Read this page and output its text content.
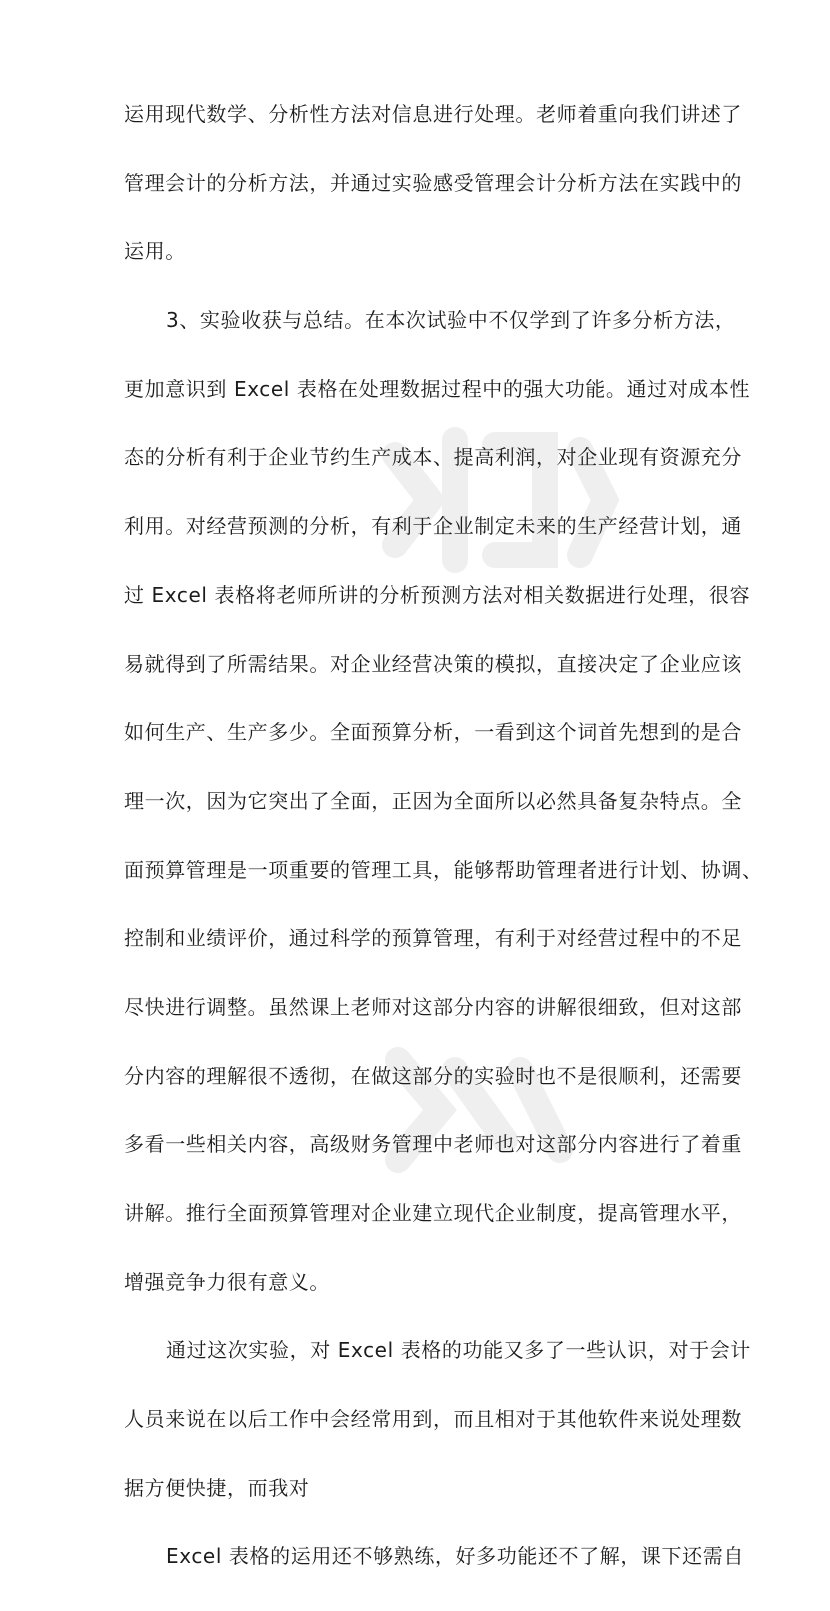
运用现代数学、分析性方法对信息进行处理。老师着重向我们讲述了
管理会计的分析方法，并通过实验感受管理会计分析方法在实践中的
运用。
3、实验收获与总结。在本次试验中不仅学到了许多分析方法，
更加意识到 Excel 表格在处理数据过程中的强大功能。通过对成本性
态的分析有利于企业节约生产成本、提高利润，对企业现有资源充分
利用。对经营预测的分析，有利于企业制定未来的生产经营计划，通
过 Excel 表格将老师所讲的分析预测方法对相关数据进行处理，很容
易就得到了所需结果。对企业经营决策的模拟，直接决定了企业应该
如何生产、生产多少。全面预算分析，一看到这个词首先想到的是合
理一次，因为它突出了全面，正因为全面所以必然具备复杂特点。全
面预算管理是一项重要的管理工具，能够帮助管理者进行计划、协调、
控制和业绩评价，通过科学的预算管理，有利于对经营过程中的不足
尽快进行调整。虽然课上老师对这部分内容的讲解很细致，但对这部
分内容的理解很不透彻，在做这部分的实验时也不是很顺利，还需要
多看一些相关内容，高级财务管理中老师也对这部分内容进行了着重
讲解。推行全面预算管理对企业建立现代企业制度，提高管理水平，
增强竞争力很有意义。
通过这次实验，对 Excel 表格的功能又多了一些认识，对于会计
人员来说在以后工作中会经常用到，而且相对于其他软件来说处理数
据方便快捷，而我对
Excel 表格的运用还不够熟练，好多功能还不了解，课下还需自
